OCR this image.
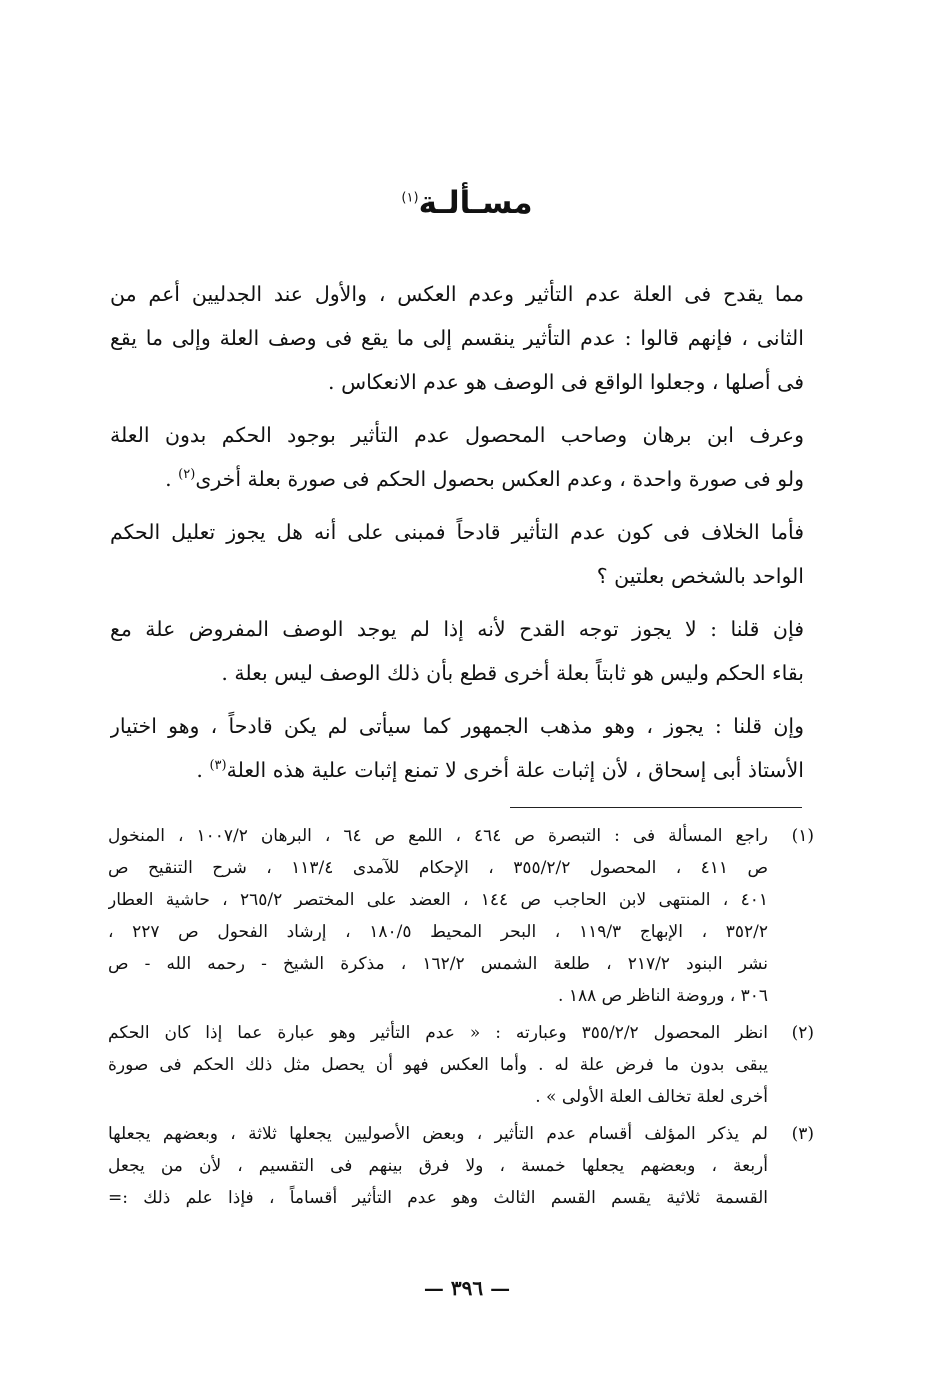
مسـألـة$^{(١)}$

مما يقدح فى العلة عدم التأثير وعدم العكس ، والأول عند الجدليين أعم من
الثانى ، فإنهم قالوا : عدم التأثير ينقسم إلى ما يقع فى وصف العلة وإلى ما يقع
فى أصلها ، وجعلوا الواقع فى الوصف هو عدم الانعكاس .

وعرف ابن برهان وصاحب المحصول عدم التأثير بوجود الحكم بدون العلة
ولو فى صورة واحدة ، وعدم العكس بحصول الحكم فى صورة بعلة أخرى$^{(٢)}$ .

فأما الخلاف فى كون عدم التأثير قادحاً فمبنى على أنه هل يجوز تعليل الحكم
الواحد بالشخص بعلتين ؟

فإن قلنا : لا يجوز توجه القدح لأنه إذا لم يوجد الوصف المفروض علة مع
بقاء الحكم وليس هو ثابتاً بعلة أخرى قطع بأن ذلك الوصف ليس بعلة .

وإن قلنا : يجوز ، وهو مذهب الجمهور كما سيأتى لم يكن قادحاً ، وهو اختيار
الأستاذ أبى إسحاق ، لأن إثبات علة أخرى لا تمنع إثبات علية هذه العلة$^{(٣)}$ .

(١)
راجع المسألة فى : التبصرة ص ٤٦٤ ، اللمع ص ٦٤ ، البرهان ١٠٠٧/٢ ، المنخول
ص ٤١١ ، المحصول ٣٥٥/٢/٢ ، الإحكام للآمدى ١١٣/٤ ، شرح التنقيح ص
٤٠١ ، المنتهى لابن الحاجب ص ١٤٤ ، العضد على المختصر ٢٦٥/٢ ، حاشية العطار
٣٥٢/٢ ، الإبهاج ١١٩/٣ ، البحر المحيط ١٨٠/٥ ، إرشاد الفحول ص ٢٢٧ ،
نشر البنود ٢١٧/٢ ، طلعة الشمس ١٦٢/٢ ، مذكرة الشيخ - رحمه الله - ص
٣٠٦ ، وروضة الناظر ص ١٨٨ .
(٢)
انظر المحصول ٣٥٥/٢/٢ وعبارته : « عدم التأثير وهو عبارة عما إذا كان الحكم
يبقى بدون ما فرض علة له . وأما العكس فهو أن يحصل مثل ذلك الحكم فى صورة
أخرى لعلة تخالف العلة الأولى » .
(٣)
لم يذكر المؤلف أقسام عدم التأثير ، وبعض الأصوليين يجعلها ثلاثة ، وبعضهم يجعلها
أربعة ، وبعضهم يجعلها خمسة ، ولا فرق بينهم فى التقسيم ، لأن من يجعل
القسمة ثلاثية يقسم القسم الثالث وهو عدم التأثير أقساماً ، فإذا علم ذلك :=
— ٣٩٦ —
